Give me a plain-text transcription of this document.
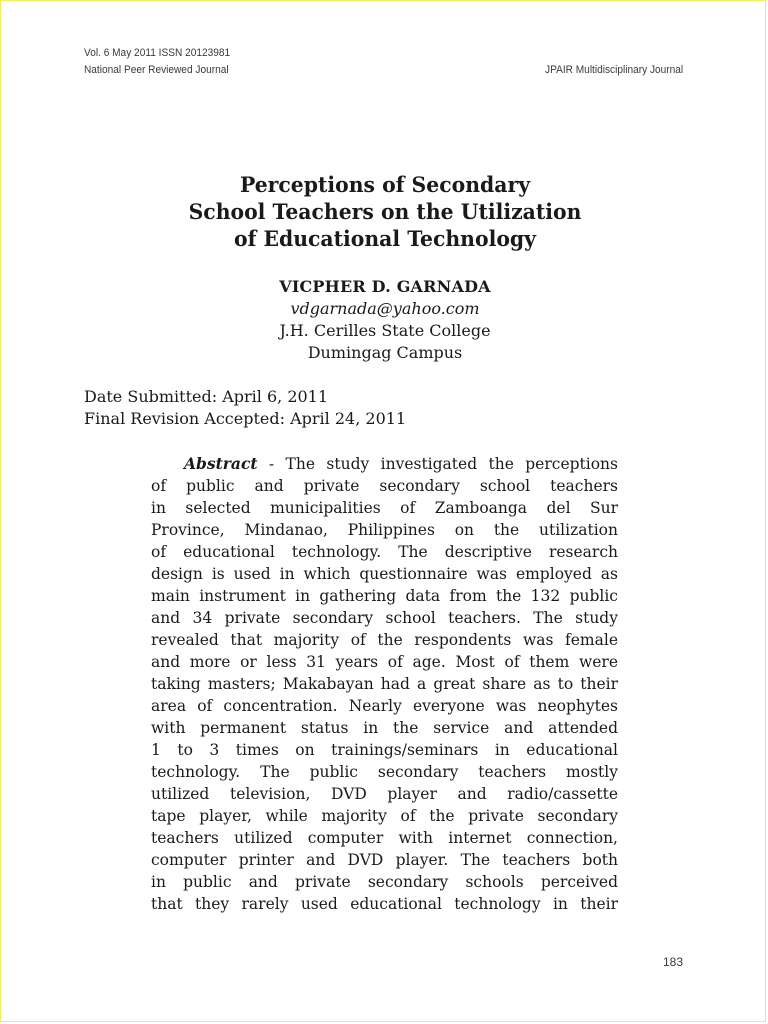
Vol. 6 May 2011 ISSN 20123981
National Peer Reviewed Journal	JPAIR Multidisciplinary Journal
Perceptions of Secondary
School Teachers on the Utilization
of Educational Technology
VICPHER D. GARNADA
vdgarnada@yahoo.com
J.H. Cerilles State College
Dumingag Campus
Date Submitted: April 6, 2011
Final Revision Accepted: April 24, 2011
Abstract - The study investigated the perceptions
of public and private secondary school teachers
in selected municipalities of Zamboanga del Sur
Province, Mindanao, Philippines on the utilization
of educational technology. The descriptive research
design is used in which questionnaire was employed as
main instrument in gathering data from the 132 public
and 34 private secondary school teachers. The study
revealed that majority of the respondents was female
and more or less 31 years of age. Most of them were
taking masters; Makabayan had a great share as to their
area of concentration. Nearly everyone was neophytes
with permanent status in the service and attended
1 to 3 times on trainings/seminars in educational
technology. The public secondary teachers mostly
utilized television, DVD player and radio/cassette
tape player, while majority of the private secondary
teachers utilized computer with internet connection,
computer printer and DVD player. The teachers both
in public and private secondary schools perceived
that they rarely used educational technology in their
183
